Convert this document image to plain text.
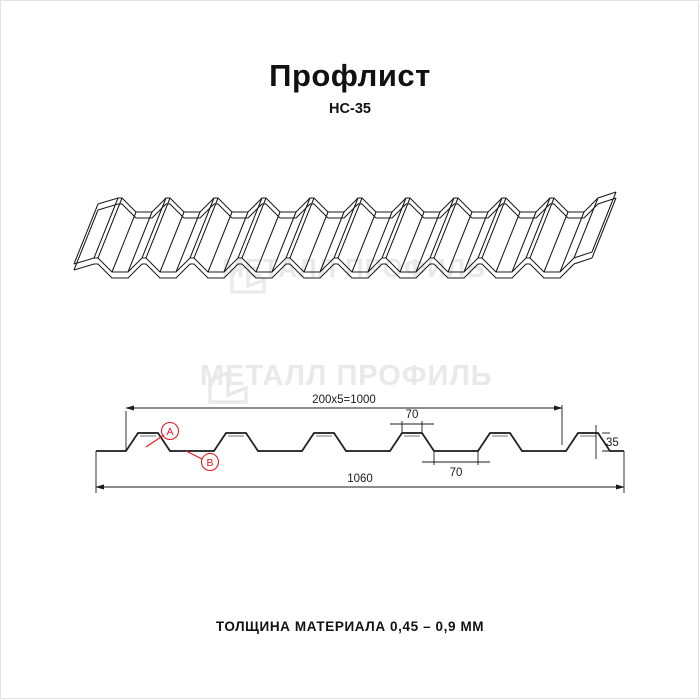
Профлист
НС-35
МЕТАЛЛ ПРОФИЛЬ
МЕТАЛЛ ПРОФИЛЬ
200х5=1000
70
70
35
1060
A
B
ТОЛЩИНА МАТЕРИАЛА 0,45 – 0,9 ММ
